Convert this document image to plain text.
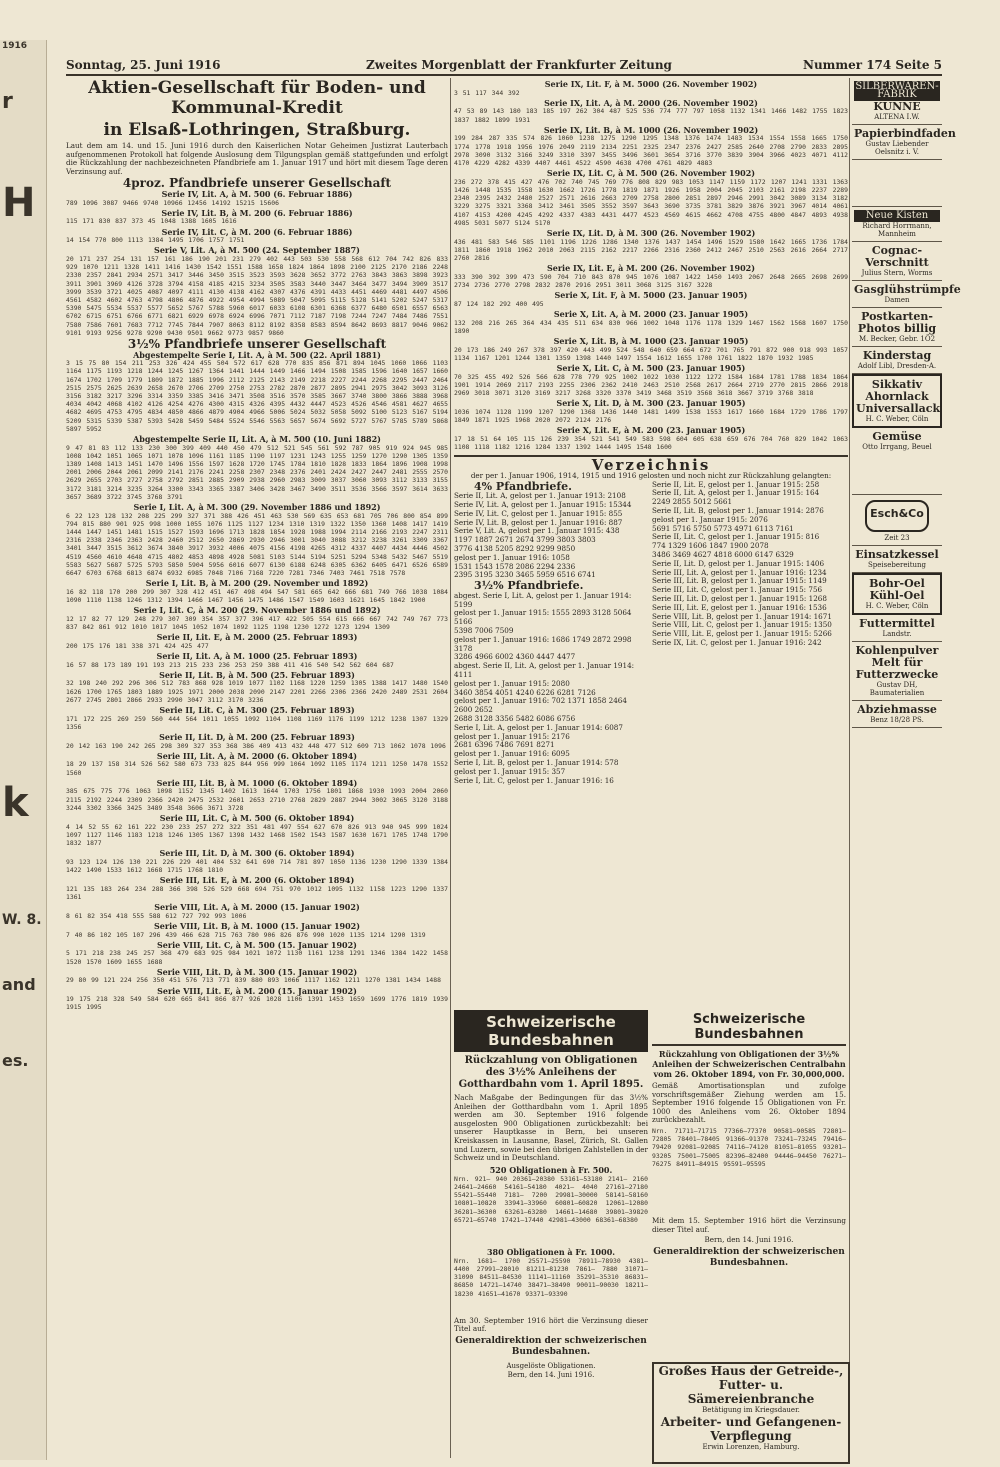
1916
r
H
k
W. 8.
and
es.
Sonntag, 25. Juni 1916	Zweites Morgenblatt der Frankfurter Zeitung	Nummer 174 Seite 5
Aktien-Gesellschaft für Boden- und Kommunal-Kredit
in Elsaß-Lothringen, Straßburg.
Laut dem am 14. und 15. Juni 1916 durch den Kaiserlichen Notar Geheimen Justizrat Lauterbach aufgenommenen Protokoll hat folgende Auslosung dem Tilgungsplan gemäß stattgefunden und erfolgt die Rückzahlung der nachbezeichneten Pfandbriefe am 1. Januar 1917 und hört mit diesem Tage deren Verzinsung auf.
4proz. Pfandbriefe unserer Gesellschaft
Serie IV, Lit. A, à M. 500 (6. Februar 1886)
789 1096 3087 9466 9740 10966 12456 14192 15215 15606
Serie IV, Lit. B, à M. 200 (6. Februar 1886)
115 171 830 837 373 45 1048 1388 1605 1616
Serie IV, Lit. C, à M. 200 (6. Februar 1886)
14 154 770 800 1113 1384 1495 1706 1757 1751
Serie V, Lit. A, à M. 500 (24. September 1887)
20 171 237 254 131 157 161 186 190 201 231 279 402 443 503 530 558 568 612 704 742 826 833 929 1070 1211 1328 1411 1416 1430 1542 1551 1588 1658 1824 1864 1898 2100 2125 2170 2186 2248 2330 2357 2841 2934 2571 3417 3446 3450 3515 3523 3593 3628 3652 3772 2763 3843 3863 3898 3923 3911 3901 3969 4126 3728 3794 4158 4185 4215 3234 3505 3583 3440 3447 3464 3477 3494 3909 3517 3999 3539 3721 4025 4087 4097 4111 4130 4138 4162 4307 4376 4391 4433 4451 4469 4481 4497 4506 4561 4582 4602 4763 4798 4806 4876 4922 4954 4994 5089 5047 5095 5115 5128 5141 5202 5247 5317 5390 5475 5534 5537 5577 5652 5767 5788 5960 6017 6033 6108 6301 6368 6377 6480 6501 6557 6563 6702 6715 6751 6766 6771 6821 6929 6978 6924 6996 7071 7112 7187 7198 7244 7247 7484 7486 7551 7580 7586 7601 7683 7712 7745 7844 7907 8063 8112 8192 8358 8583 8594 8642 8693 8817 9046 9062 9101 9193 9256 9278 9290 9430 9501 9662 9773 9857 9860
3½% Pfandbriefe unserer Gesellschaft
Abgestempelte Serie I, Lit. A, à M. 500 (22. April 1881)
3 15 75 80 154 211 253 326 424 455 504 572 617 628 770 835 856 871 894 1045 1060 1066 1103 1164 1175 1193 1218 1244 1245 1267 1364 1441 1444 1449 1466 1494 1508 1585 1596 1640 1657 1660 1674 1702 1709 1779 1809 1872 1885 1996 2112 2125 2143 2149 2218 2227 2244 2268 2295 2447 2464 2515 2575 2625 2639 2658 2670 2706 2709 2750 2753 2782 2870 2877 2895 2941 2975 3042 3093 3126 3156 3182 3217 3296 3314 3359 3385 3416 3471 3508 3516 3570 3585 3667 3740 3800 3866 3888 3968 4034 4042 4068 4102 4126 4254 4276 4300 4315 4326 4395 4432 4447 4523 4526 4546 4581 4627 4655 4682 4695 4753 4795 4834 4850 4866 4879 4904 4966 5006 5024 5032 5058 5092 5100 5123 5167 5194 5209 5315 5339 5387 5393 5428 5459 5484 5524 5546 5563 5657 5674 5692 5727 5767 5785 5789 5868 5897 5952
Abgestempelte Serie II, Lit. A, à M. 500 (10. Juni 1882)
9 47 81 83 112 133 230 300 399 409 440 450 479 512 521 545 561 592 787 905 919 924 945 985 1008 1042 1051 1065 1071 1078 1096 1161 1185 1190 1197 1231 1243 1255 1259 1270 1290 1305 1359 1389 1408 1413 1451 1470 1496 1556 1597 1628 1720 1745 1784 1810 1828 1833 1864 1896 1908 1998 2001 2006 2044 2061 2099 2141 2176 2241 2258 2307 2348 2376 2401 2424 2427 2447 2481 2555 2570 2629 2655 2703 2727 2758 2792 2851 2885 2909 2938 2960 2983 3009 3037 3060 3093 3112 3133 3155 3172 3181 3214 3235 3264 3300 3343 3365 3387 3406 3428 3467 3490 3511 3536 3566 3597 3614 3633 3657 3689 3722 3745 3768 3791
Serie I, Lit. A, à M. 300 (29. November 1886 und 1892)
6 22 123 128 132 208 225 299 327 371 388 426 451 463 530 569 635 653 681 705 706 800 854 899 794 815 880 901 925 998 1000 1055 1076 1125 1127 1234 1310 1319 1322 1350 1360 1408 1417 1419 1444 1447 1451 1481 1515 1527 1593 1696 1713 1828 1854 1928 1988 1994 2114 2166 2193 2247 2311 2316 2338 2346 2363 2428 2460 2512 2650 2869 2930 2946 3001 3040 3088 3212 3238 3261 3309 3367 3401 3447 3515 3612 3674 3840 3917 3932 4006 4075 4156 4198 4265 4312 4337 4407 4434 4446 4502 4519 4560 4610 4648 4715 4802 4853 4898 4928 5081 5103 5144 5194 5251 5294 5348 5432 5467 5519 5583 5627 5687 5725 5793 5850 5904 5956 6016 6077 6130 6188 6248 6305 6362 6405 6471 6526 6589 6647 6703 6768 6813 6874 6932 6985 7048 7106 7168 7220 7281 7346 7403 7461 7518 7578
Serie I, Lit. B, à M. 200 (29. November und 1892)
16 82 118 170 200 299 307 328 412 451 467 498 494 547 581 665 642 666 681 749 766 1038 1084 1090 1110 1138 1246 1312 1394 1466 1467 1456 1475 1486 1547 1549 1603 1621 1645 1842 1900
Serie I, Lit. C, à M. 200 (29. November 1886 und 1892)
12 17 82 77 129 248 279 307 309 354 357 377 396 417 422 505 554 615 666 667 742 749 767 773 837 842 861 912 1010 1017 1045 1052 1074 1092 1125 1198 1230 1272 1273 1294 1309
Serie II, Lit. E, à M. 2000 (25. Februar 1893)
200 175 176 181 338 371 424 425 477
Serie II, Lit. A, à M. 1000 (25. Februar 1893)
16 57 88 173 189 191 193 213 215 233 236 253 259 388 411 416 540 542 562 604 687
Serie II, Lit. B, à M. 500 (25. Februar 1893)
32 198 240 292 296 306 512 783 868 928 1019 1077 1102 1168 1220 1259 1305 1388 1417 1480 1540 1626 1700 1765 1803 1889 1925 1971 2000 2038 2090 2147 2201 2266 2306 2366 2420 2489 2531 2604 2677 2745 2801 2866 2933 2990 3047 3112 3170 3236
Serie II, Lit. C, à M. 300 (25. Februar 1893)
171 172 225 269 259 560 444 564 1011 1055 1092 1104 1108 1169 1176 1199 1212 1238 1307 1329 1356
Serie II, Lit. D, à M. 200 (25. Februar 1893)
20 142 163 190 242 265 298 309 327 353 368 386 409 413 432 448 477 512 609 713 1062 1078 1096
Serie III, Lit. A, à M. 2000 (6. Oktober 1894)
18 29 137 158 314 526 562 580 673 733 825 844 956 999 1064 1092 1105 1174 1211 1250 1478 1552 1560
Serie III, Lit. B, à M. 1000 (6. Oktober 1894)
385 675 775 776 1063 1098 1152 1345 1402 1613 1644 1703 1756 1801 1868 1930 1993 2004 2060 2115 2192 2244 2309 2366 2420 2475 2532 2601 2653 2710 2768 2829 2887 2944 3002 3065 3120 3188 3244 3302 3366 3425 3489 3548 3606 3671 3728
Serie III, Lit. C, à M. 500 (6. Oktober 1894)
4 14 52 55 62 161 222 230 233 257 272 322 351 481 497 554 627 670 826 913 940 945 999 1024 1097 1127 1146 1183 1218 1246 1305 1367 1398 1432 1468 1502 1543 1587 1630 1671 1705 1748 1790 1832 1877
Serie III, Lit. D, à M. 300 (6. Oktober 1894)
93 123 124 126 130 221 226 229 401 404 532 641 690 714 781 897 1050 1136 1230 1290 1339 1384 1422 1490 1533 1612 1668 1715 1768 1810
Serie III, Lit. E, à M. 200 (6. Oktober 1894)
121 135 183 264 234 288 366 398 526 529 668 694 751 970 1012 1095 1132 1158 1223 1290 1337 1361
Serie VIII, Lit. A, à M. 2000 (15. Januar 1902)
8 61 82 354 418 555 588 612 727 792 993 1006
Serie VIII, Lit. B, à M. 1000 (15. Januar 1902)
7 40 86 102 105 107 296 439 466 628 715 763 780 906 826 876 990 1020 1135 1214 1290 1319
Serie VIII, Lit. C, à M. 500 (15. Januar 1902)
5 171 218 238 245 257 368 479 683 925 984 1021 1072 1130 1161 1238 1291 1346 1384 1422 1458 1520 1570 1609 1655 1688
Serie VIII, Lit. D, à M. 300 (15. Januar 1902)
29 80 99 121 224 256 350 451 576 713 771 839 880 893 1066 1117 1162 1211 1270 1381 1434 1488
Serie VIII, Lit. E, à M. 200 (15. Januar 1902)
19 175 218 328 549 584 620 665 841 866 877 926 1028 1106 1391 1453 1659 1699 1776 1819 1939 1915 1995
Serie IX, Lit. F, à M. 5000 (26. November 1902)
3 51 117 344 392
Serie IX, Lit. A, à M. 2000 (26. November 1902)
47 53 89 143 180 183 185 197 262 304 487 525 536 774 777 797 1058 1132 1341 1466 1482 1755 1823 1837 1882 1899 1931
Serie IX, Lit. B, à M. 1000 (26. November 1902)
199 284 287 335 574 826 1060 1238 1275 1290 1295 1348 1376 1474 1483 1534 1554 1558 1665 1750 1774 1778 1918 1956 1976 2049 2119 2134 2251 2325 2347 2376 2427 2585 2640 2708 2790 2833 2895 2978 3090 3132 3166 3249 3310 3397 3455 3496 3601 3654 3716 3770 3839 3904 3966 4023 4071 4112 4170 4229 4282 4339 4407 4461 4522 4590 4638 4700 4761 4829 4883
Serie IX, Lit. C, à M. 500 (26. November 1902)
236 272 378 415 427 476 702 740 745 769 776 808 829 983 1053 1147 1159 1172 1207 1241 1331 1363 1426 1448 1535 1558 1630 1662 1726 1778 1819 1871 1926 1958 2004 2045 2103 2161 2198 2237 2289 2340 2395 2432 2480 2527 2571 2616 2663 2709 2758 2800 2851 2897 2946 2991 3042 3089 3134 3182 3229 3275 3321 3368 3412 3461 3505 3552 3597 3643 3690 3735 3781 3829 3876 3921 3967 4014 4061 4107 4153 4200 4245 4292 4337 4383 4431 4477 4523 4569 4615 4662 4708 4755 4800 4847 4893 4938 4985 5031 5077 5124 5170
Serie IX, Lit. D, à M. 300 (26. November 1902)
436 481 583 546 585 1101 1196 1226 1286 1340 1376 1437 1454 1496 1529 1580 1642 1665 1736 1784 1811 1860 1918 1962 2010 2063 2115 2162 2217 2266 2316 2360 2412 2467 2510 2563 2616 2664 2717 2760 2816
Serie IX, Lit. E, à M. 200 (26. November 1902)
333 390 392 399 473 590 704 710 843 870 945 1076 1087 1422 1450 1493 2067 2648 2665 2698 2699 2734 2736 2770 2798 2832 2870 2916 2951 3011 3068 3125 3167 3228
Serie X, Lit. F, à M. 5000 (23. Januar 1905)
87 124 182 292 400 495
Serie X, Lit. A, à M. 2000 (23. Januar 1905)
132 208 216 265 364 434 435 511 634 830 966 1002 1048 1176 1178 1329 1467 1562 1568 1607 1750 1890
Serie X, Lit. B, à M. 1000 (23. Januar 1905)
20 173 186 249 267 378 397 420 443 499 524 548 640 659 664 672 701 765 791 872 900 918 993 1057 1134 1167 1201 1244 1301 1359 1398 1440 1497 1554 1612 1655 1700 1761 1822 1870 1932 1985
Serie X, Lit. C, à M. 500 (23. Januar 1905)
70 325 455 492 526 566 628 778 779 925 1002 1022 1030 1122 1272 1584 1684 1781 1788 1834 1864 1901 1914 2069 2117 2193 2255 2306 2362 2410 2463 2510 2568 2617 2664 2719 2770 2815 2866 2918 2969 3018 3071 3120 3169 3217 3268 3320 3370 3419 3468 3519 3568 3618 3667 3719 3768 3818
Serie X, Lit. D, à M. 300 (23. Januar 1905)
1036 1074 1128 1199 1207 1290 1368 1436 1440 1481 1499 1538 1553 1617 1660 1684 1729 1786 1797 1849 1871 1925 1968 2020 2072 2124 2176
Serie X, Lit. E, à M. 200 (23. Januar 1905)
17 18 51 64 105 115 126 239 354 521 541 549 583 598 604 605 638 659 676 704 760 829 1042 1063 1108 1118 1182 1216 1284 1337 1392 1444 1495 1548 1600
Verzeichnis
der per 1. Januar 1906, 1914, 1915 und 1916 gelosten und noch nicht zur Rückzahlung gelangten:
4% Pfandbriefe.
Serie II, Lit. A, gelost per 1. Januar 1913: 2108
Serie IV, Lit. A, gelost per 1. Januar 1915: 15344
Serie IV, Lit. C, gelost per 1. Januar 1915: 855
Serie IV, Lit. B, gelost per 1. Januar 1916: 887
Serie V, Lit. A, gelost per 1. Januar 1915: 438
1197 1887 2671 2674 3799 3803 3803
3776 4138 5205 8292 9299 9850
gelost per 1. Januar 1916: 1058
1531 1543 1578 2086 2294 2336
2395 3195 3230 3465 5959 6516 6741
3½% Pfandbriefe.
abgest. Serie I, Lit. A, gelost per 1. Januar 1914: 5199
gelost per 1. Januar 1915: 1555 2893 3128 5064 5166
5398 7006 7509
gelost per 1. Januar 1916: 1686 1749 2872 2998 3178
3286 4966 6002 4360 4447 4477
abgest. Serie II, Lit. A, gelost per 1. Januar 1914: 4111
gelost per 1. Januar 1915: 2080
3460 3854 4051 4240 6226 6281 7126
gelost per 1. Januar 1916: 702 1371 1858 2464 2600 2652
2688 3128 3356 5482 6086 6756
Serie I, Lit. A, gelost per 1. Januar 1914: 6087
gelost per 1. Januar 1915: 2176
2681 6396 7486 7691 8271
gelost per 1. Januar 1916: 6095
Serie I, Lit. B, gelost per 1. Januar 1914: 578
gelost per 1. Januar 1915: 357
Serie I, Lit. C, gelost per 1. Januar 1916: 16
Serie II, Lit. E, gelost per 1. Januar 1915: 258
Serie II, Lit. A, gelost per 1. Januar 1915: 164
2249 2855 5012 5661
Serie II, Lit. B, gelost per 1. Januar 1914: 2876
gelost per 1. Januar 1915: 2076
5691 5716 5750 5773 4971 6113 7161
Serie II, Lit. C, gelost per 1. Januar 1915: 816
774 1329 1606 1847 1900 2078
3486 3469 4627 4818 6000 6147 6329
Serie II, Lit. D, gelost per 1. Januar 1915: 1406
Serie III, Lit. A, gelost per 1. Januar 1916: 1234
Serie III, Lit. B, gelost per 1. Januar 1915: 1149
Serie III, Lit. C, gelost per 1. Januar 1915: 756
Serie III, Lit. D, gelost per 1. Januar 1915: 1268
Serie III, Lit. E, gelost per 1. Januar 1916: 1536
Serie VIII, Lit. B, gelost per 1. Januar 1914: 1671
Serie VIII, Lit. C, gelost per 1. Januar 1915: 1350
Serie VIII, Lit. E, gelost per 1. Januar 1915: 5266
Serie IX, Lit. C, gelost per 1. Januar 1916: 242
Schweizerische Bundesbahnen
Rückzahlung von Obligationen des 3½% Anleihens der Gotthardbahn vom 1. April 1895.
Nach Maßgabe der Bedingungen für das 3½% Anleihen der Gotthardbahn vom 1. April 1895 werden am 30. September 1916 folgende ausgelosten 900 Obligationen zurückbezahlt: bei unserer Hauptkasse in Bern, bei unseren Kreiskassen in Lausanne, Basel, Zürich, St. Gallen und Luzern, sowie bei den übrigen Zahlstellen in der Schweiz und in Deutschland.
520 Obligationen à Fr. 500.
Nrn. 921— 940 20361—20380 53161—53180 2141— 2160 24641—24660 54161—54180 4021— 4040 27161—27180 55421—55440 7181— 7200 29981—30000 58141—58160 10801—10820 33941—33960 60801—60820 12061—12080 36281—36300 63261—63280 14661—14680 39801—39820 65721—65740 17421—17440 42981—43000 68361—68380
380 Obligationen à Fr. 1000.
Nrn. 1681— 1700 25571—25590 78911—78930 4381— 4400 27991—28010 81211—81230 7861— 7880 31071—31090 84511—84530 11141—11160 35291—35310 86831—86850 14721—14740 38471—38490 90011—90030 18211—18230 41651—41670 93371—93390
Am 30. September 1916 hört die Verzinsung dieser Titel auf.
Generaldirektion der schweizerischen Bundesbahnen.
Schweizerische Bundesbahnen
Rückzahlung von Obligationen der 3½% Anleihen der Schweizerischen Centralbahn vom 26. Oktober 1894, von Fr. 30,000,000.
Gemäß Amortisationsplan und zufolge vorschriftsgemäßer Ziehung werden am 15. September 1916 folgende 15 Obligationen von Fr. 1000 des Anleihens vom 26. Oktober 1894 zurückbezahlt.
Nrn. 71711—71715 77366—77370 90581—90585 72801—72805 78401—78405 91366—91370 73241—73245 79416—79420 92081—92085 74116—74120 81051—81055 93201—93205 75001—75005 82396—82400 94446—94450 76271—76275 84911—84915 95591—95595
Mit dem 15. September 1916 hört die Verzinsung dieser Titel auf.
Bern, den 14. Juni 1916.
Generaldirektion der schweizerischen Bundesbahnen.
Ausgelöste Obligationen.
Bern, den 14. Juni 1916.	Großes Haus der Getreide-, Futter- u. Sämereienbranche
Betätigung im Kriegsdauer.
Arbeiter- und Gefangenen-Verpflegung
Erwin Lorenzen, Hamburg.
SILBERWAREN-FABRIK
KÜNNE
ALTENA I.W.
Papierbindfaden
Gustav Liebender Oelsnitz i. V.
Neue Kisten
Richard Horrmann, Mannheim
Cognac-Verschnitt
Julius Stern, Worms
Gasglühstrümpfe
Damen
Postkarten-Photos billig
M. Becker, Gebr. 1Ö2
Kinderstag
Adolf Libl, Dresden-A.
Sikkativ Ahornlack Universallack
H. C. Weber, Cöln
Gemüse
Otto Irrgang, Beuel
Esch&Co
Zeit 23
Einsatzkessel
Speisebereitung
Bohr-Oel Kühl-Oel
H. C. Weber, Cöln
Futtermittel
Landstr.
Kohlenpulver Melt für Futterzwecke
Gustav DH, Baumaterialien
Abziehmasse
Benz 18/28 PS.
